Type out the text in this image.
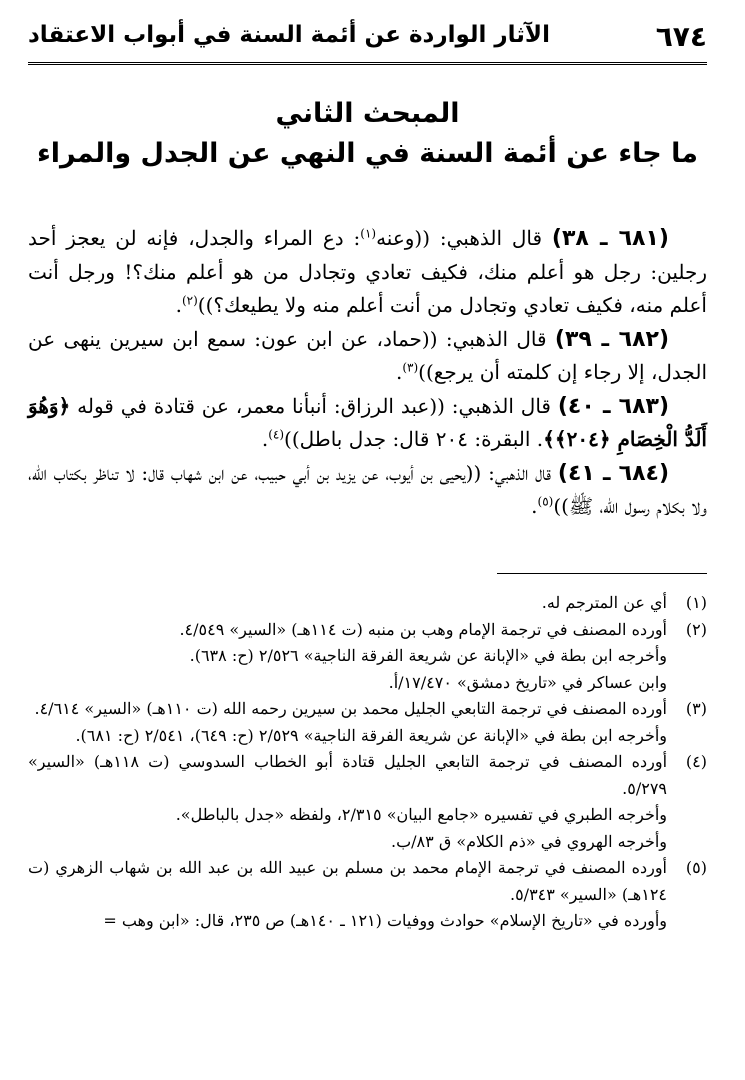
٦٧٤
الآثار الواردة عن أئمة السنة في أبواب الاعتقاد
المبحث الثاني
ما جاء عن أئمة السنة في النهي عن الجدل والمراء

(٦٨١ ـ ٣٨) قال الذهبي: ((وعنه$^{(١)}$: دع المراء والجدل، فإنه لن يعجز أحد رجلين: رجل هو أعلم منك، فكيف تعادي وتجادل من هو أعلم منك؟! ورجل أنت أعلم منه، فكيف تعادي وتجادل من أنت أعلم منه ولا يطيعك؟))$^{(٢)}$.

(٦٨٢ ـ ٣٩) قال الذهبي: ((حماد، عن ابن عون: سمع ابن سيرين ينهى عن الجدل، إلا رجاء إن كلمته أن يرجع))$^{(٣)}$.

(٦٨٣ ـ ٤٠) قال الذهبي: ((عبد الرزاق: أنبأنا معمر، عن قتادة في قوله ﴿وَهُوَ أَلَدُّ الْخِصَامِ ﴿٢٠٤﴾﴾. البقرة: ٢٠٤ قال: جدل باطل))$^{(٤)}$.

(٦٨٤ ـ ٤١) قال الذهبي: ((يحيى بن أيوب، عن يزيد بن أبي حبيب، عن ابن شهاب قال: لا تناظر بكتاب الله، ولا بكلام رسول الله، ﷺ))$^{(٥)}$.

(١)
أي عن المترجم له.
(٢)
أورده المصنف في ترجمة الإمام وهب بن منبه (ت ١١٤هـ) «السير» ٤/٥٤٩.
وأخرجه ابن بطة في «الإبانة عن شريعة الفرقة الناجية» ٢/٥٢٦ (ح: ٦٣٨).
وابن عساكر في «تاريخ دمشق» ١٧/٤٧٠/أ.
(٣)
أورده المصنف في ترجمة التابعي الجليل محمد بن سيرين رحمه الله (ت ١١٠هـ) «السير» ٤/٦١٤.
وأخرجه ابن بطة في «الإبانة عن شريعة الفرقة الناجية» ٢/٥٢٩ (ح: ٦٤٩)، ٢/٥٤١ (ح: ٦٨١).
(٤)
أورده المصنف في ترجمة التابعي الجليل قتادة أبو الخطاب السدوسي (ت ١١٨هـ) «السير» ٥/٢٧٩.
وأخرجه الطبري في تفسيره «جامع البيان» ٢/٣١٥، ولفظه «جدل بالباطل».
وأخرجه الهروي في «ذم الكلام» ق ٨٣/ب.
(٥)
أورده المصنف في ترجمة الإمام محمد بن مسلم بن عبيد الله بن عبد الله بن شهاب الزهري (ت ١٢٤هـ) «السير» ٥/٣٤٣.
وأورده في «تاريخ الإسلام» حوادث ووفيات (١٢١ ـ ١٤٠هـ) ص ٢٣٥، قال: «ابن وهب =
